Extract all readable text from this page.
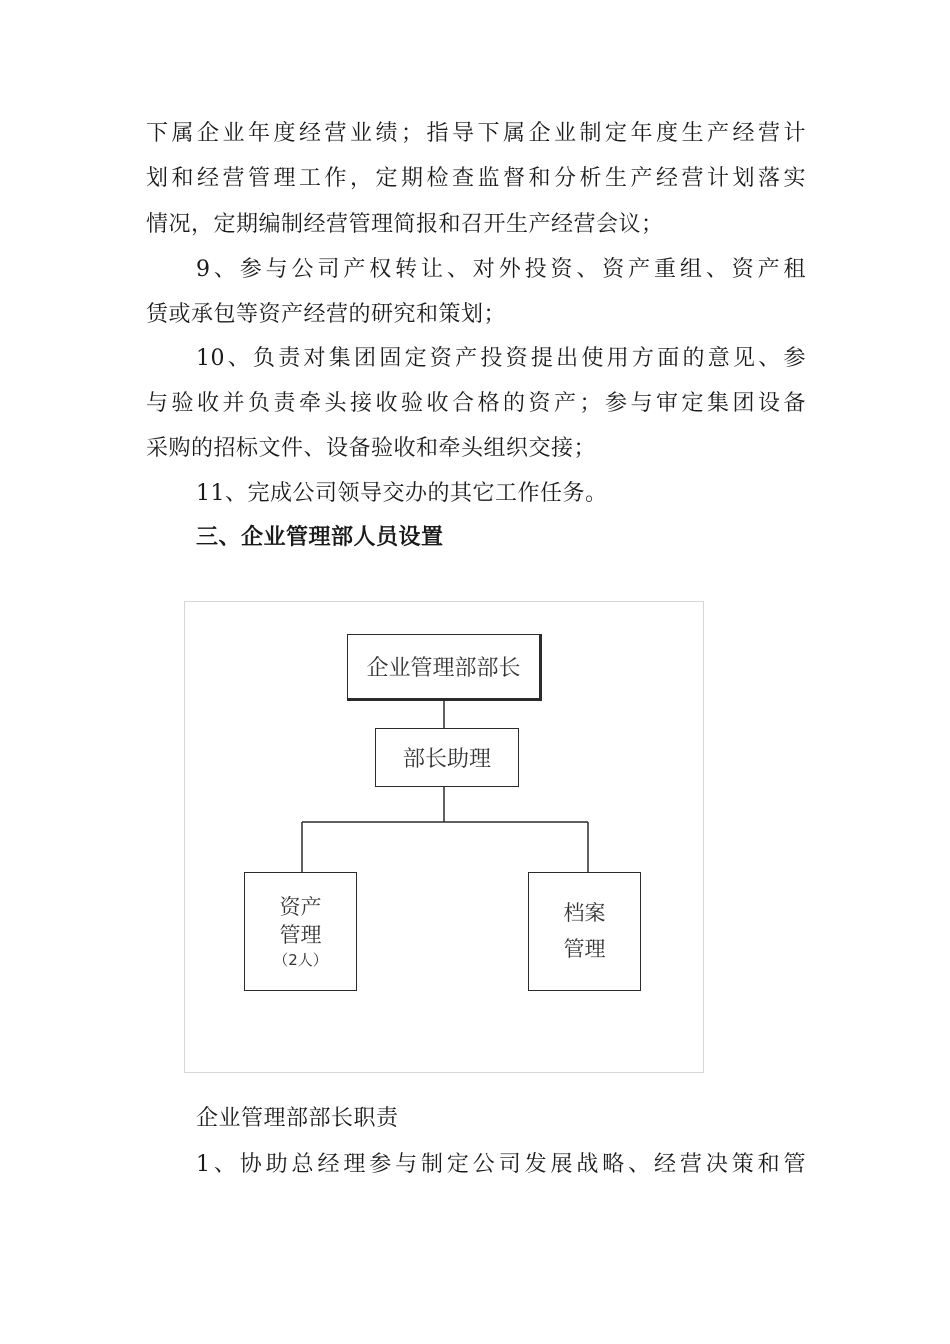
下属企业年度经营业绩；指导下属企业制定年度生产经营计
划和经营管理工作，定期检查监督和分析生产经营计划落实
情况，定期编制经营管理简报和召开生产经营会议；
9、参与公司产权转让、对外投资、资产重组、资产租
赁或承包等资产经营的研究和策划；
10、负责对集团固定资产投资提出使用方面的意见、参
与验收并负责牵头接收验收合格的资产；参与审定集团设备
采购的招标文件、设备验收和牵头组织交接；
11、完成公司领导交办的其它工作任务。
三、企业管理部人员设置
企业管理部部长
部长助理
资产
管理
（2人）
档案
管理
企业管理部部长职责
1、协助总经理参与制定公司发展战略、经营决策和管
